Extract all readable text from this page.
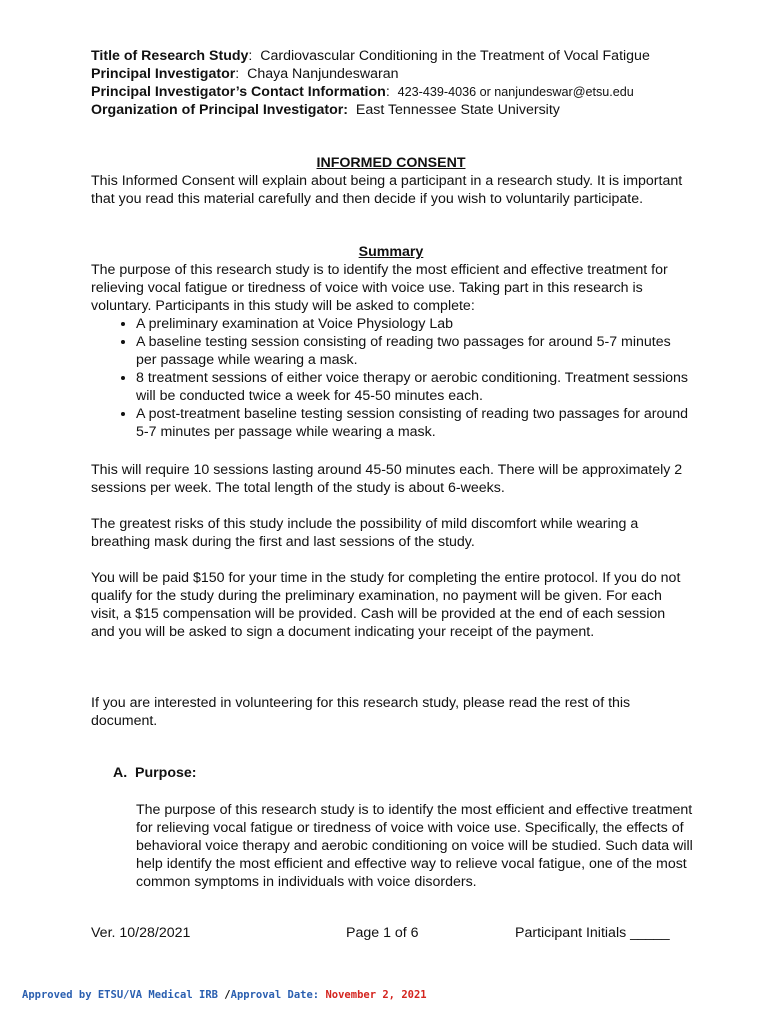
Title of Research Study:  Cardiovascular Conditioning in the Treatment of Vocal Fatigue
Principal Investigator:  Chaya Nanjundeswaran
Principal Investigator’s Contact Information:  423-439-4036 or nanjundeswar@etsu.edu
Organization of Principal Investigator: East Tennessee State University
INFORMED CONSENT
This Informed Consent will explain about being a participant in a research study. It is important that you read this material carefully and then decide if you wish to voluntarily participate.
Summary
The purpose of this research study is to identify the most efficient and effective treatment for relieving vocal fatigue or tiredness of voice with voice use. Taking part in this research is voluntary. Participants in this study will be asked to complete:
• A preliminary examination at Voice Physiology Lab
• A baseline testing session consisting of reading two passages for around 5-7 minutes per passage while wearing a mask.
• 8 treatment sessions of either voice therapy or aerobic conditioning. Treatment sessions will be conducted twice a week for 45-50 minutes each.
• A post-treatment baseline testing session consisting of reading two passages for around 5-7 minutes per passage while wearing a mask.
This will require 10 sessions lasting around 45-50 minutes each. There will be approximately 2 sessions per week. The total length of the study is about 6-weeks.
The greatest risks of this study include the possibility of mild discomfort while wearing a breathing mask during the first and last sessions of the study.
You will be paid $150 for your time in the study for completing the entire protocol. If you do not qualify for the study during the preliminary examination, no payment will be given. For each visit, a $15 compensation will be provided. Cash will be provided at the end of each session and you will be asked to sign a document indicating your receipt of the payment.
If you are interested in volunteering for this research study, please read the rest of this document.
A. Purpose:
The purpose of this research study is to identify the most efficient and effective treatment for relieving vocal fatigue or tiredness of voice with voice use. Specifically, the effects of behavioral voice therapy and aerobic conditioning on voice will be studied. Such data will help identify the most efficient and effective way to relieve vocal fatigue, one of the most common symptoms in individuals with voice disorders.
Ver. 10/28/2021	Page 1 of 6	Participant Initials _____
Approved by ETSU/VA Medical IRB /Approval Date: November 2, 2021
